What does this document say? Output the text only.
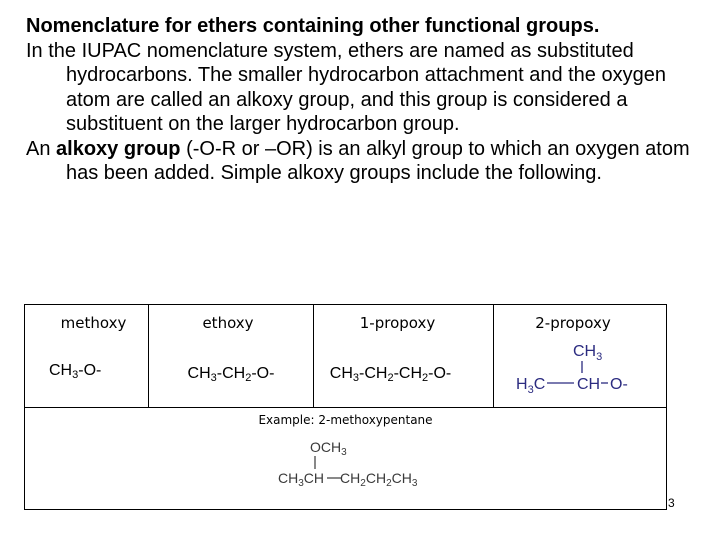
Nomenclature for ethers containing other functional groups.

In the IUPAC nomenclature system, ethers are named as substituted hydrocarbons. The smaller hydrocarbon attachment and the oxygen atom are called an alkoxy group, and this group is considered a substituent on the larger hydrocarbon group.

An alkoxy group (-O-R or –OR) is an alkyl group to which an oxygen atom has been added. Simple alkoxy groups include the following.

methoxy
$CH_3-O-$
ethoxy
$CH_3-CH_2-O-$
1-propoxy
$CH_3-CH_2-CH_2-O-$
2-propoxy
$CH_3$
$H_3C$ CH O-
Example: 2-methoxypentane
$OCH_3$
$CH_3CH$ $CH_2CH_2CH_3$
3
